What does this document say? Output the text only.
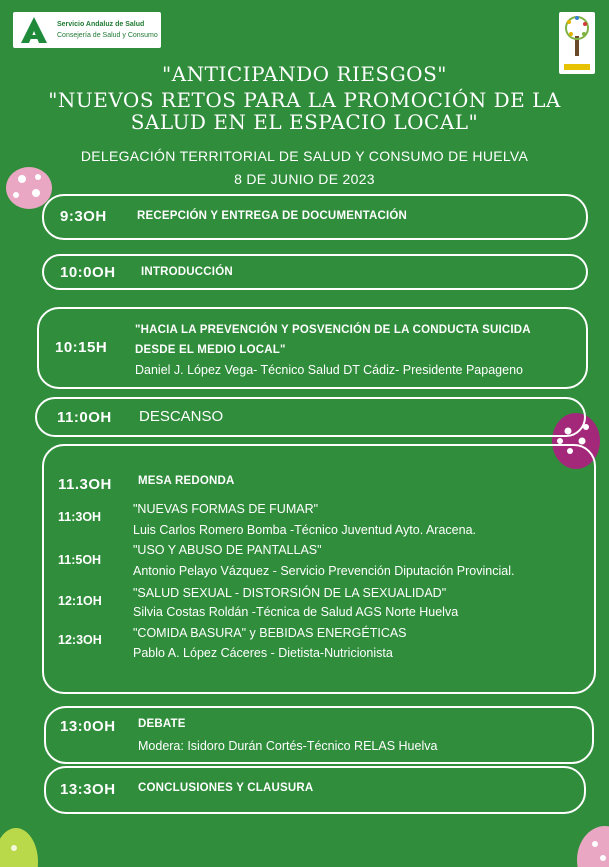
Servicio Andaluz de Salud
Consejería de Salud y Consumo
"ANTICIPANDO RIESGOS"
"NUEVOS RETOS PARA LA PROMOCIÓN DE LA
SALUD EN EL ESPACIO LOCAL"
DELEGACIÓN TERRITORIAL DE SALUD Y CONSUMO DE HUELVA
8 DE JUNIO DE 2023
9:3OH	RECEPCIÓN Y ENTREGA DE DOCUMENTACIÓN
10:0OH INTRODUCCIÓN
10:15H
"HACIA LA PREVENCIÓN Y POSVENCIÓN DE LA CONDUCTA SUICIDA
DESDE EL MEDIO LOCAL"
Daniel J. López Vega- Técnico Salud DT Cádiz- Presidente Papageno
11:0OH DESCANSO
11.3OH MESA REDONDA
11:3OH
"NUEVAS FORMAS DE FUMAR"
Luis Carlos Romero Bomba -Técnico Juventud Ayto. Aracena.
11:5OH
"USO Y ABUSO DE PANTALLAS"
Antonio Pelayo Vázquez - Servicio Prevención Diputación Provincial.
12:1OH
"SALUD SEXUAL - DISTORSIÓN DE LA SEXUALIDAD"
Silvia Costas Roldán -Técnica de Salud AGS Norte Huelva
12:3OH "COMIDA BASURA" y BEBIDAS ENERGÉTICAS
Pablo A. López Cáceres - Dietista-Nutricionista
13:0OH DEBATE
Modera: Isidoro Durán Cortés-Técnico RELAS Huelva
13:3OH CONCLUSIONES Y CLAUSURA
